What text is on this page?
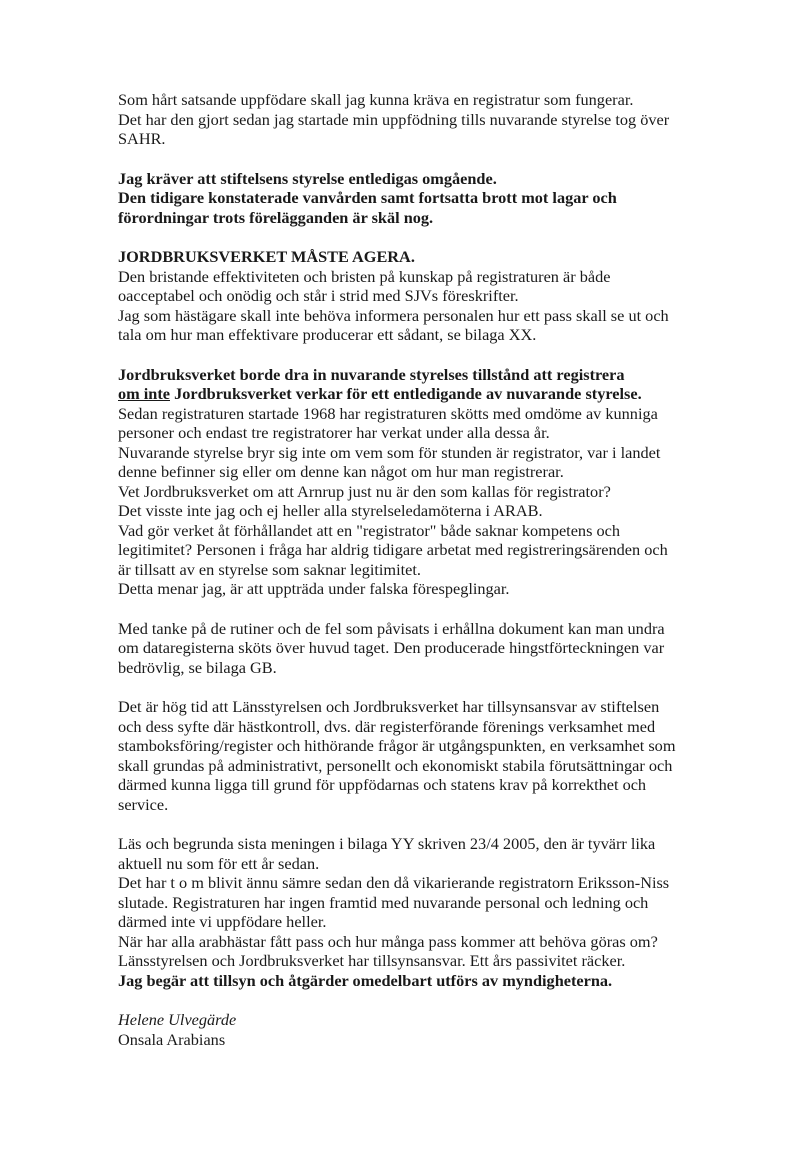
Som hårt satsande uppfödare skall jag kunna kräva en registratur som fungerar.
Det har den gjort sedan jag startade min uppfödning tills nuvarande styrelse tog över
SAHR.
Jag kräver att stiftelsens styrelse entledigas omgående.
Den tidigare konstaterade vanvården samt fortsatta brott mot lagar och
förordningar trots förelägganden är skäl nog.
JORDBRUKSVERKET MÅSTE AGERA.
Den bristande effektiviteten och bristen på kunskap på registraturen är både
oacceptabel och onödig och står i strid med SJVs föreskrifter.
Jag som hästägare skall inte behöva informera personalen hur ett pass skall se ut och
tala om hur man effektivare producerar ett sådant, se bilaga XX.
Jordbruksverket borde dra in nuvarande styrelses tillstånd att registrera
om inte Jordbruksverket verkar för ett entledigande av nuvarande styrelse.
Sedan registraturen startade 1968 har registraturen skötts med omdöme av kunniga
personer och endast tre registratorer har verkat under alla dessa år.
Nuvarande styrelse bryr sig inte om vem som för stunden är registrator, var i landet
denne befinner sig eller om denne kan något om hur man registrerar.
Vet Jordbruksverket om att Arnrup just nu är den som kallas för registrator?
Det visste inte jag och ej heller alla styrelseledamöterna i ARAB.
Vad gör verket åt förhållandet att en "registrator" både saknar kompetens och
legitimitet? Personen i fråga har aldrig tidigare arbetat med registreringsärenden och
är tillsatt av en styrelse som saknar legitimitet.
Detta menar jag, är att uppträda under falska förespeglingar.
Med tanke på de rutiner och de fel som påvisats i erhållna dokument kan man undra
om dataregisterna sköts över huvud taget. Den producerade hingstförteckningen var
bedrövlig, se bilaga GB.
Det är hög tid att Länsstyrelsen och Jordbruksverket har tillsynsansvar av stiftelsen
och dess syfte där hästkontroll, dvs. där registerförande förenings verksamhet med
stamboksföring/register och hithörande frågor är utgångspunkten, en verksamhet som
skall grundas på administrativt, personellt och ekonomiskt stabila förutsättningar och
därmed kunna ligga till grund för uppfödarnas och statens krav på korrekthet och
service.
Läs och begrunda sista meningen i bilaga YY skriven 23/4 2005, den är tyvärr lika
aktuell nu som för ett år sedan.
Det har t o m blivit ännu sämre sedan den då vikarierande registratorn Eriksson-Niss
slutade. Registraturen har ingen framtid med nuvarande personal och ledning och
därmed inte vi uppfödare heller.
När har alla arabhästar fått pass och hur många pass kommer att behöva göras om?
Länsstyrelsen och Jordbruksverket har tillsynsansvar. Ett års passivitet räcker.
Jag begär att tillsyn och åtgärder omedelbart utförs av myndigheterna.
Helene Ulvegärde
Onsala Arabians
